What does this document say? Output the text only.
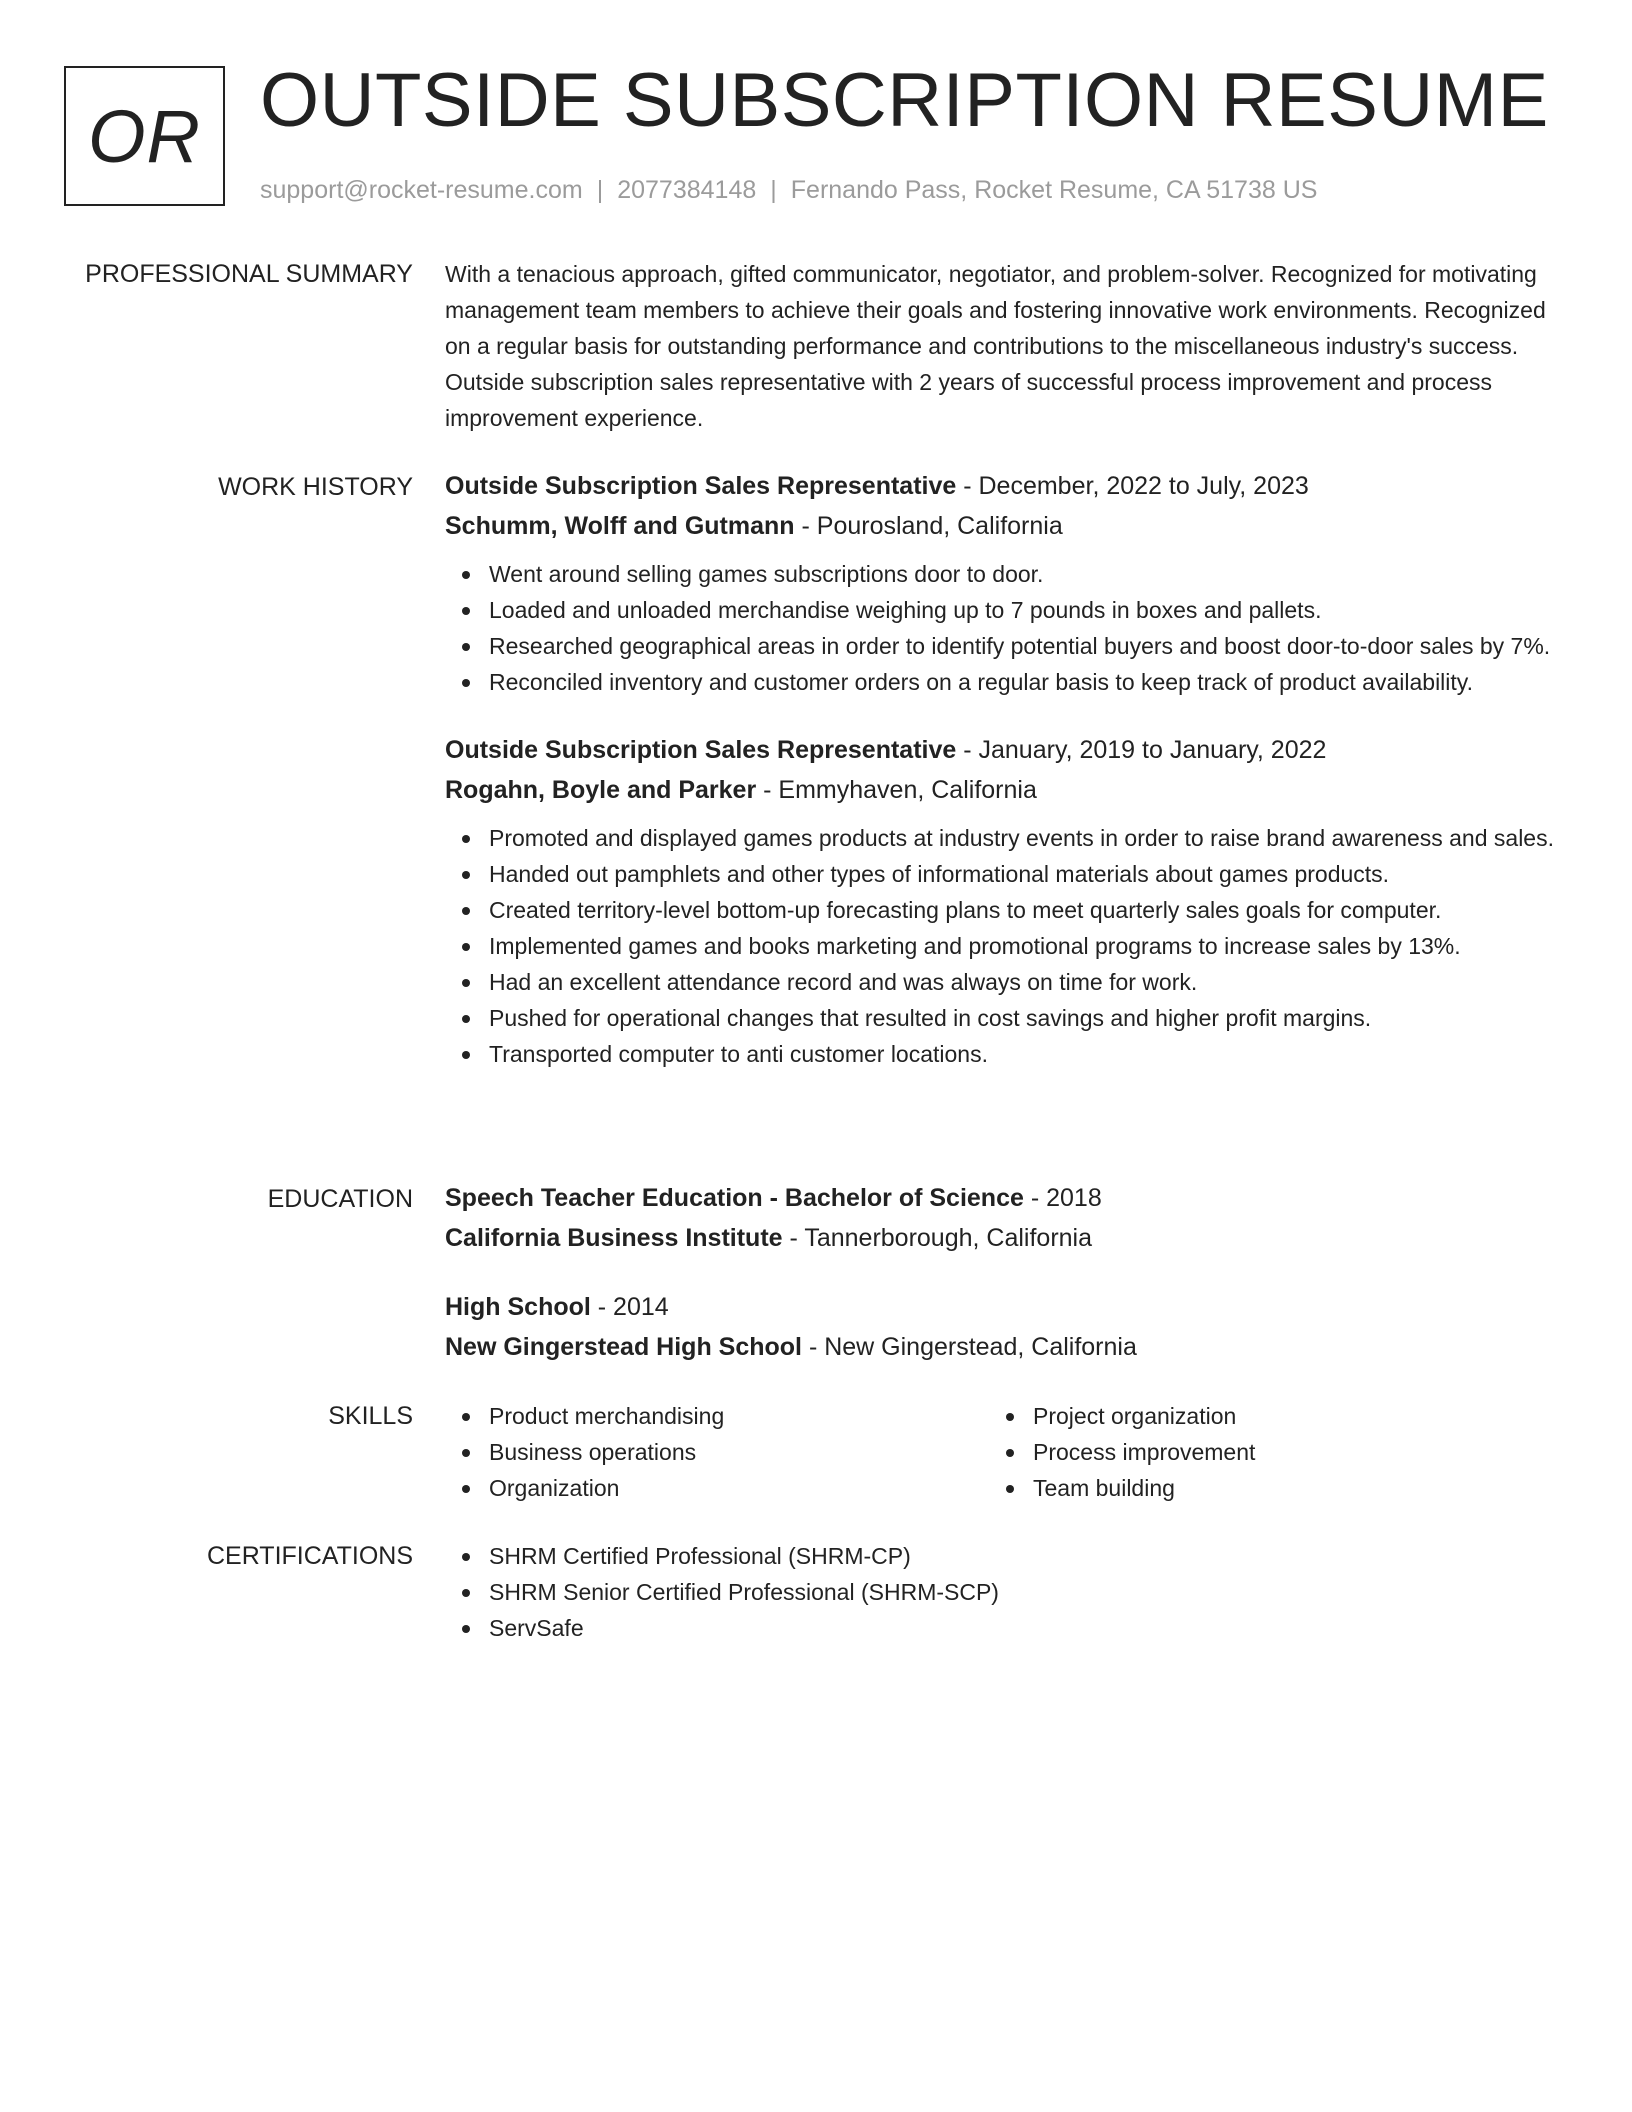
OR OUTSIDE SUBSCRIPTION RESUME
support@rocket-resume.com | 2077384148 | Fernando Pass, Rocket Resume, CA 51738 US
PROFESSIONAL SUMMARY With a tenacious approach, gifted communicator, negotiator, and problem-solver. Recognized for motivating management team members to achieve their goals and fostering innovative work environments. Recognized on a regular basis for outstanding performance and contributions to the miscellaneous industry's success. Outside subscription sales representative with 2 years of successful process improvement and process improvement experience.

WORK HISTORY Outside Subscription Sales Representative - December, 2022 to July, 2023
Schumm, Wolff and Gutmann - Pourosland, California
Went around selling games subscriptions door to door.
Loaded and unloaded merchandise weighing up to 7 pounds in boxes and pallets.
Researched geographical areas in order to identify potential buyers and boost door-to-door sales by 7%.
Reconciled inventory and customer orders on a regular basis to keep track of product availability.
Outside Subscription Sales Representative - January, 2019 to January, 2022
Rogahn, Boyle and Parker - Emmyhaven, California
Promoted and displayed games products at industry events in order to raise brand awareness and sales.
Handed out pamphlets and other types of informational materials about games products.
Created territory-level bottom-up forecasting plans to meet quarterly sales goals for computer.
Implemented games and books marketing and promotional programs to increase sales by 13%.
Had an excellent attendance record and was always on time for work.
Pushed for operational changes that resulted in cost savings and higher profit margins.
Transported computer to anti customer locations.
EDUCATION Speech Teacher Education - Bachelor of Science - 2018
California Business Institute - Tannerborough, California
High School - 2014
New Gingerstead High School - New Gingerstead, California
SKILLS	Product merchandising
Business operations
Organization
Project organization
Process improvement
Team building
CERTIFICATIONS	SHRM Certified Professional (SHRM-CP)
SHRM Senior Certified Professional (SHRM-SCP)
ServSafe
